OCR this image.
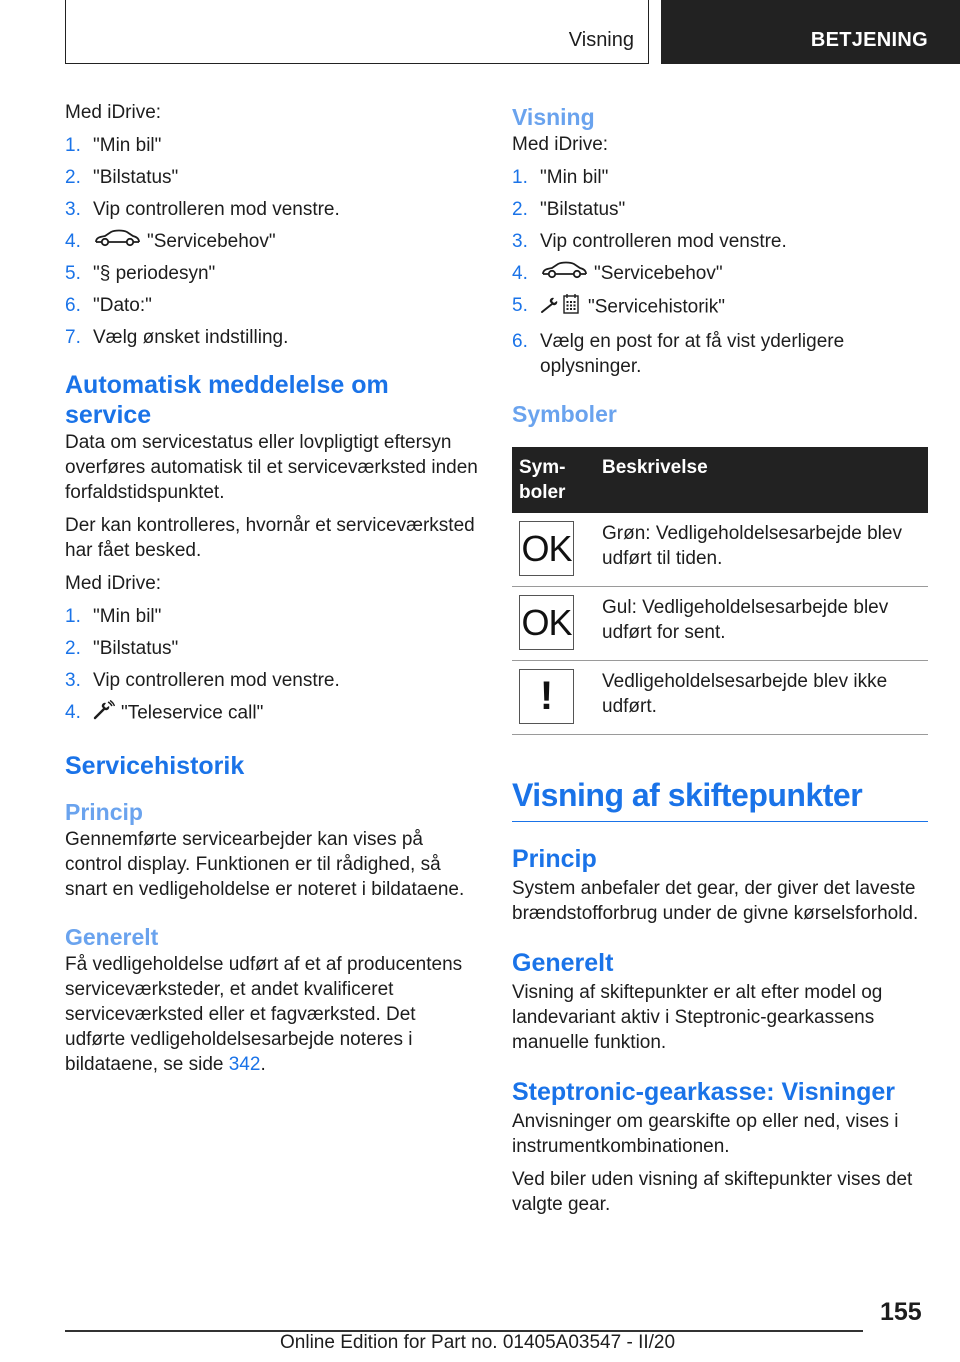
Visning	BETJENING

Med iDrive:

1. "Min bil"
2. "Bilstatus"
3. Vip controlleren mod venstre.
4.	"Servicebehov"
5. "§ periodesyn"
6. "Dato:"
7. Vælg ønsket indstilling.
Automatisk meddelelse om service

Data om servicestatus eller lovpligtigt eftersyn overføres automatisk til et serviceværksted inden forfaldstidspunktet.

Der kan kontrolleres, hvornår et serviceværksted har fået besked.

Med iDrive:

1. "Min bil"
2. "Bilstatus"
3. Vip controlleren mod venstre.
4. "Teleservice call"
Servicehistorik
Princip

Gennemførte servicearbejder kan vises på control display. Funktionen er til rådighed, så snart en vedligeholdelse er noteret i bildataene.

Generelt

Få vedligeholdelse udført af et af producentens serviceværksteder, et andet kvalificeret serviceværksted eller et fagværksted. Det udførte vedligeholdelsesarbejde noteres i bildataene, se side 342.

Visning

Med iDrive:

1. "Min bil"
2. "Bilstatus"
3. Vip controlleren mod venstre.
4.	"Servicebehov"
5.	"Servicehistorik"
6. Vælg en post for at få vist yderligere oplysninger.
Symboler
Sym-boler	Beskrivelse

OK	Grøn: Vedligeholdelsesarbejde blev udført til tiden.

OK	Gul: Vedligeholdelsesarbejde blev udført for sent.

!	Vedligeholdelsesarbejde blev ikke udført.
Visning af skiftepunkter
Princip

System anbefaler det gear, der giver det laveste brændstofforbrug under de givne kørselsforhold.

Generelt

Visning af skiftepunkter er alt efter model og landevariant aktiv i Steptronic-gearkassens manuelle funktion.

Steptronic-gearkasse: Visninger

Anvisninger om gearskifte op eller ned, vises i instrumentkombinationen.

Ved biler uden visning af skiftepunkter vises det valgte gear.

155
Online Edition for Part no. 01405A03547 - II/20
